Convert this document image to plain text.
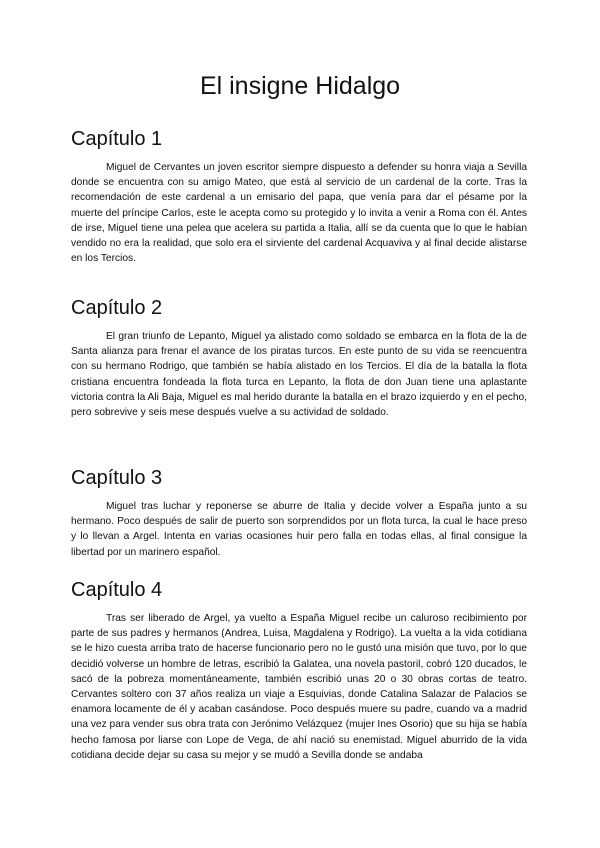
El insigne Hidalgo
Capítulo 1

Miguel de Cervantes un joven escritor siempre dispuesto a defender su honra viaja a Sevilla donde se encuentra con su amigo Mateo, que está al servicio de un cardenal de la corte. Tras la recomendación de este cardenal a un emisario del papa, que venía para dar el pésame por la muerte del príncipe Carlos, este le acepta como su protegido y lo invita a venir a Roma con él. Antes de irse, Miguel tiene una pelea que acelera su partida a Italia, allí se da cuenta que lo que le habían vendido no era la realidad, que solo era el sirviente del cardenal Acquaviva y al final decide alistarse en los Tercios.

Capítulo 2

El gran triunfo de Lepanto, Miguel ya alistado como soldado se embarca en la flota de la de Santa alianza para frenar el avance de los piratas turcos. En este punto de su vida se reencuentra con su hermano Rodrigo, que también se había alistado en los Tercios. El día de la batalla la flota cristiana encuentra fondeada la flota turca en Lepanto, la flota de don Juan tiene una aplastante victoria contra la Ali Baja, Miguel es mal herido durante la batalla en el brazo izquierdo y en el pecho, pero sobrevive y seis mese después vuelve a su actividad de soldado.

Capítulo 3

Miguel tras luchar y reponerse se aburre de Italia y decide volver a España junto a su hermano. Poco después de salir de puerto son sorprendidos por un flota turca, la cual le hace preso y lo llevan a Argel. Intenta en varias ocasiones huir pero falla en todas ellas, al final consigue la libertad por un marinero español.

Capítulo 4

Tras ser liberado de Argel, ya vuelto a España Miguel recibe un caluroso recibimiento por parte de sus padres y hermanos (Andrea, Luisa, Magdalena y Rodrigo). La vuelta a la vida cotidiana se le hizo cuesta arriba trato de hacerse funcionario pero no le gustó una misión que tuvo, por lo que decidió volverse un hombre de letras, escribió la Galatea, una novela pastoril, cobró 120 ducados, le sacó de la pobreza momentáneamente, también escribió unas 20 o 30 obras cortas de teatro. Cervantes soltero con 37 años realiza un viaje a Esquivias, donde Catalina Salazar de Palacios se enamora locamente de él y acaban casándose. Poco después muere su padre, cuando va a madrid una vez para vender sus obra trata con Jerónimo Velázquez (mujer Ines Osorio) que su hija se había hecho famosa por liarse con Lope de Vega, de ahí nació su enemistad. Miguel aburrido de la vida cotidiana decide dejar su casa su mejor y se mudó a Sevilla donde se andaba
